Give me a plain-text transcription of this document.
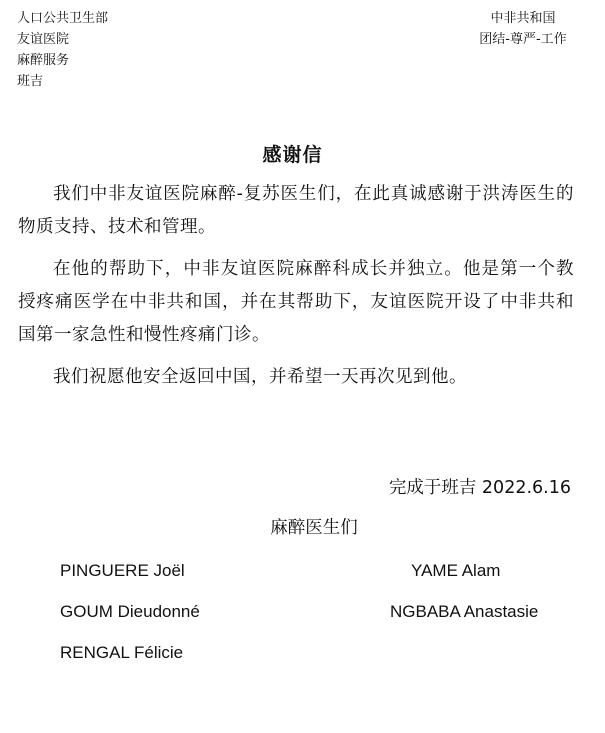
人口公共卫生部
友谊医院
麻醉服务
班吉
中非共和国
团结-尊严-工作
感谢信

我们中非友谊医院麻醉-复苏医生们，在此真诚感谢于洪涛医生的物质支持、技术和管理。

在他的帮助下，中非友谊医院麻醉科成长并独立。他是第一个教授疼痛医学在中非共和国，并在其帮助下，友谊医院开设了中非共和国第一家急性和慢性疼痛门诊。

我们祝愿他安全返回中国，并希望一天再次见到他。

完成于班吉 2022.6.16
麻醉医生们
PINGUERE Joël
GOUM Dieudonné
RENGAL Félicie
YAME Alam
NGBABA Anastasie
